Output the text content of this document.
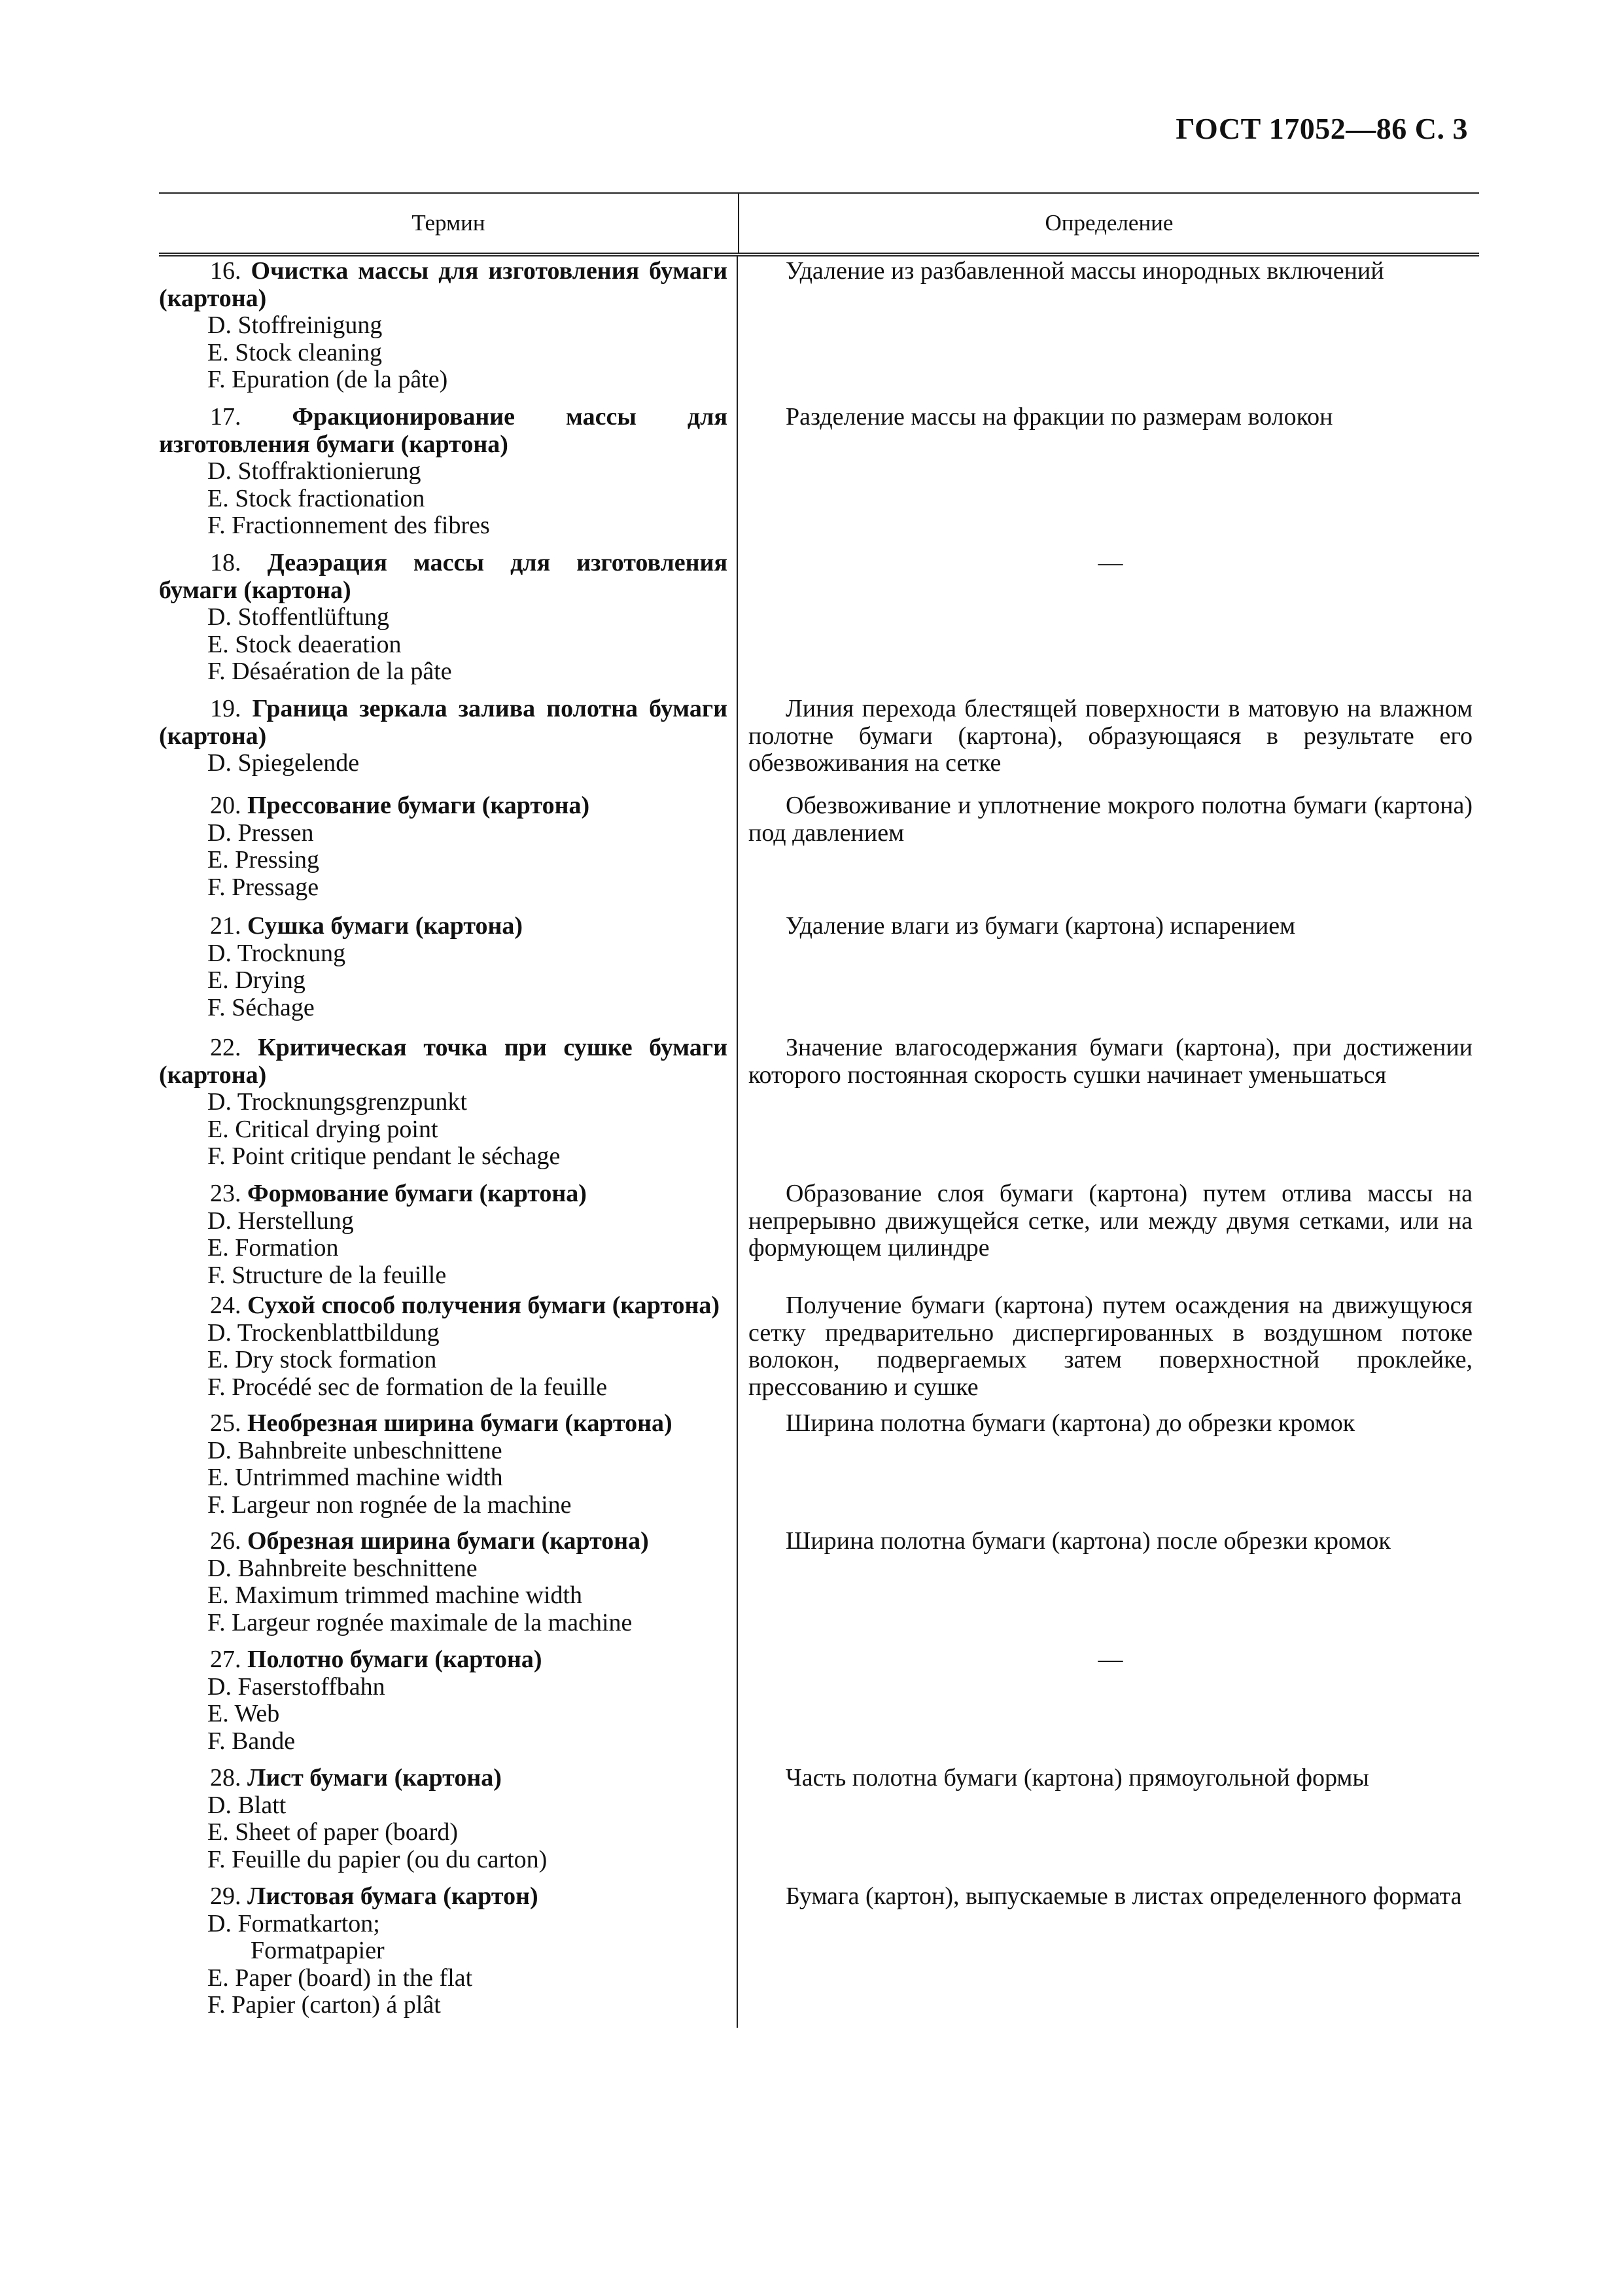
ГОСТ 17052—86 С. 3
Термин	Определение
16. Очистка массы для изготовления бумаги (картона)
D. Stoffreinigung
E. Stock cleaning
F. Epuration (de la pâte)
Удаление из разбавленной массы инородных включений
17. Фракционирование массы для изготовления бумаги (картона)
D. Stoffraktionierung
E. Stock fractionation
F. Fractionnement des fibres
Разделение массы на фракции по размерам волокон
18. Деаэрация массы для изготовления бумаги (картона)
D. Stoffentlüftung
E. Stock deaeration
F. Désaération de la pâte
—
19. Граница зеркала залива полотна бумаги (картона)
D. Spiegelende
Линия перехода блестящей поверхности в матовую на влажном полотне бумаги (картона), образующаяся в результате его обезвоживания на сетке
20. Прессование бумаги (картона)
D. Pressen
E. Pressing
F. Pressage
Обезвоживание и уплотнение мокрого полотна бумаги (картона) под давлением
21. Сушка бумаги (картона)
D. Trocknung
E. Drying
F. Séchage
Удаление влаги из бумаги (картона) испарением
22. Критическая точка при сушке бумаги (картона)
D. Trocknungsgrenzpunkt
E. Critical drying point
F. Point critique pendant le séchage
Значение влагосодержания бумаги (картона), при достижении которого постоянная скорость сушки начинает уменьшаться
23. Формование бумаги (картона)
D. Herstellung
E. Formation
F. Structure de la feuille
Образование слоя бумаги (картона) путем отлива массы на непрерывно движущейся сетке, или между двумя сетками, или на формующем цилиндре
24. Сухой способ получения бумаги (картона)
D. Trockenblattbildung
E. Dry stock formation
F. Procédé sec de formation de la feuille
Получение бумаги (картона) путем осаждения на движущуюся сетку предварительно диспергированных в воздушном потоке волокон, подвергаемых затем поверхностной проклейке, прессованию и сушке
25. Необрезная ширина бумаги (картона)
D. Bahnbreite unbeschnittene
E. Untrimmed machine width
F. Largeur non rognée de la machine
Ширина полотна бумаги (картона) до обрезки кромок
26. Обрезная ширина бумаги (картона)
D. Bahnbreite beschnittene
E. Maximum trimmed machine width
F. Largeur rognée maximale de la machine
Ширина полотна бумаги (картона) после обрезки кромок
27. Полотно бумаги (картона)
D. Faserstoffbahn
E. Web
F. Bande
—
28. Лист бумаги (картона)
D. Blatt
E. Sheet of paper (board)
F. Feuille du papier (ou du carton)
Часть полотна бумаги (картона) прямоугольной формы
29. Листовая бумага (картон)
D. Formatkarton;
Formatpapier
E. Paper (board) in the flat
F. Papier (carton) á plât
Бумага (картон), выпускаемые в листах определенного формата
